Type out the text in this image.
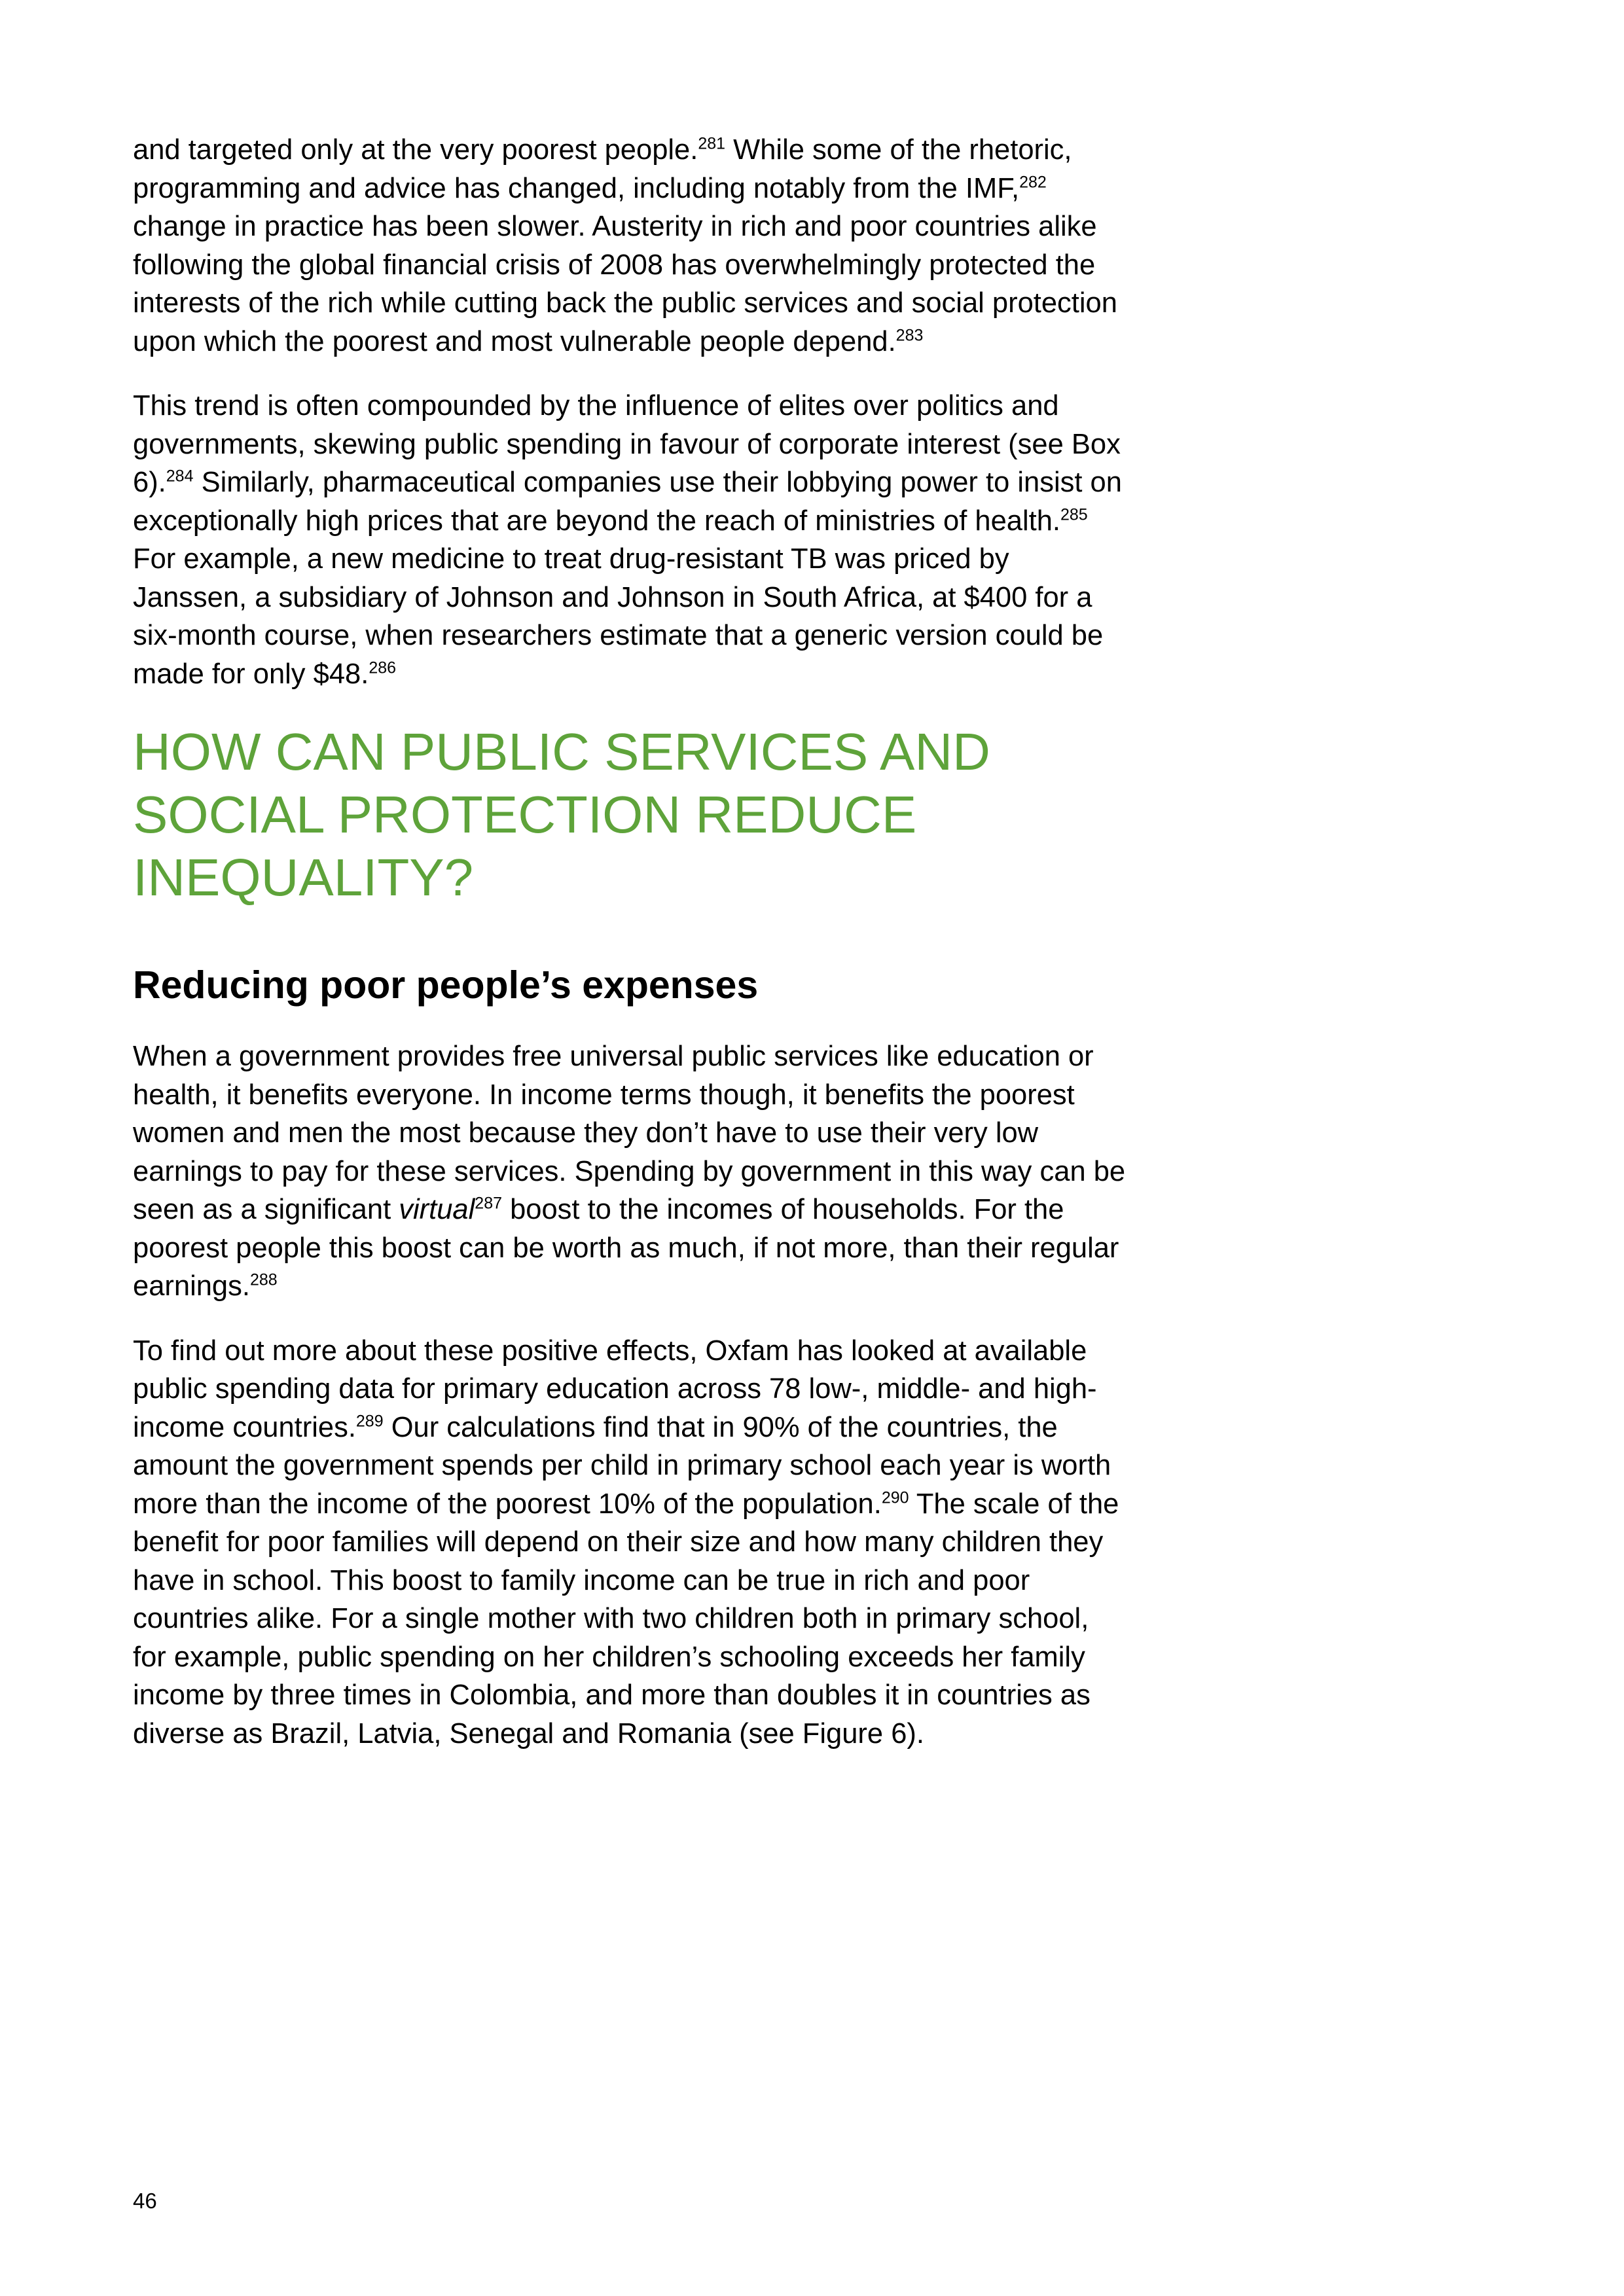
and targeted only at the very poorest people.$^{281}$ While some of the rhetoric, programming and advice has changed, including notably from the IMF,$^{282}$ change in practice has been slower. Austerity in rich and poor countries alike following the global financial crisis of 2008 has overwhelmingly protected the interests of the rich while cutting back the public services and social protection upon which the poorest and most vulnerable people depend.$^{283}$

This trend is often compounded by the influence of elites over politics and governments, skewing public spending in favour of corporate interest (see Box 6).$^{284}$ Similarly, pharmaceutical companies use their lobbying power to insist on exceptionally high prices that are beyond the reach of ministries of health.$^{285}$ For example, a new medicine to treat drug-resistant TB was priced by Janssen, a subsidiary of Johnson and Johnson in South Africa, at $400 for a six-month course, when researchers estimate that a generic version could be made for only $48.$^{286}$

HOW CAN PUBLIC SERVICES AND SOCIAL PROTECTION REDUCE INEQUALITY?
Reducing poor people’s expenses

When a government provides free universal public services like education or health, it benefits everyone. In income terms though, it benefits the poorest women and men the most because they don’t have to use their very low earnings to pay for these services. Spending by government in this way can be seen as a significant virtual$^{287}$ boost to the incomes of households. For the poorest people this boost can be worth as much, if not more, than their regular earnings.$^{288}$

To find out more about these positive effects, Oxfam has looked at available public spending data for primary education across 78 low-, middle- and high-income countries.$^{289}$ Our calculations find that in 90% of the countries, the amount the government spends per child in primary school each year is worth more than the income of the poorest 10% of the population.$^{290}$ The scale of the benefit for poor families will depend on their size and how many children they have in school. This boost to family income can be true in rich and poor countries alike. For a single mother with two children both in primary school, for example, public spending on her children’s schooling exceeds her family income by three times in Colombia, and more than doubles it in countries as diverse as Brazil, Latvia, Senegal and Romania (see Figure 6).

46
